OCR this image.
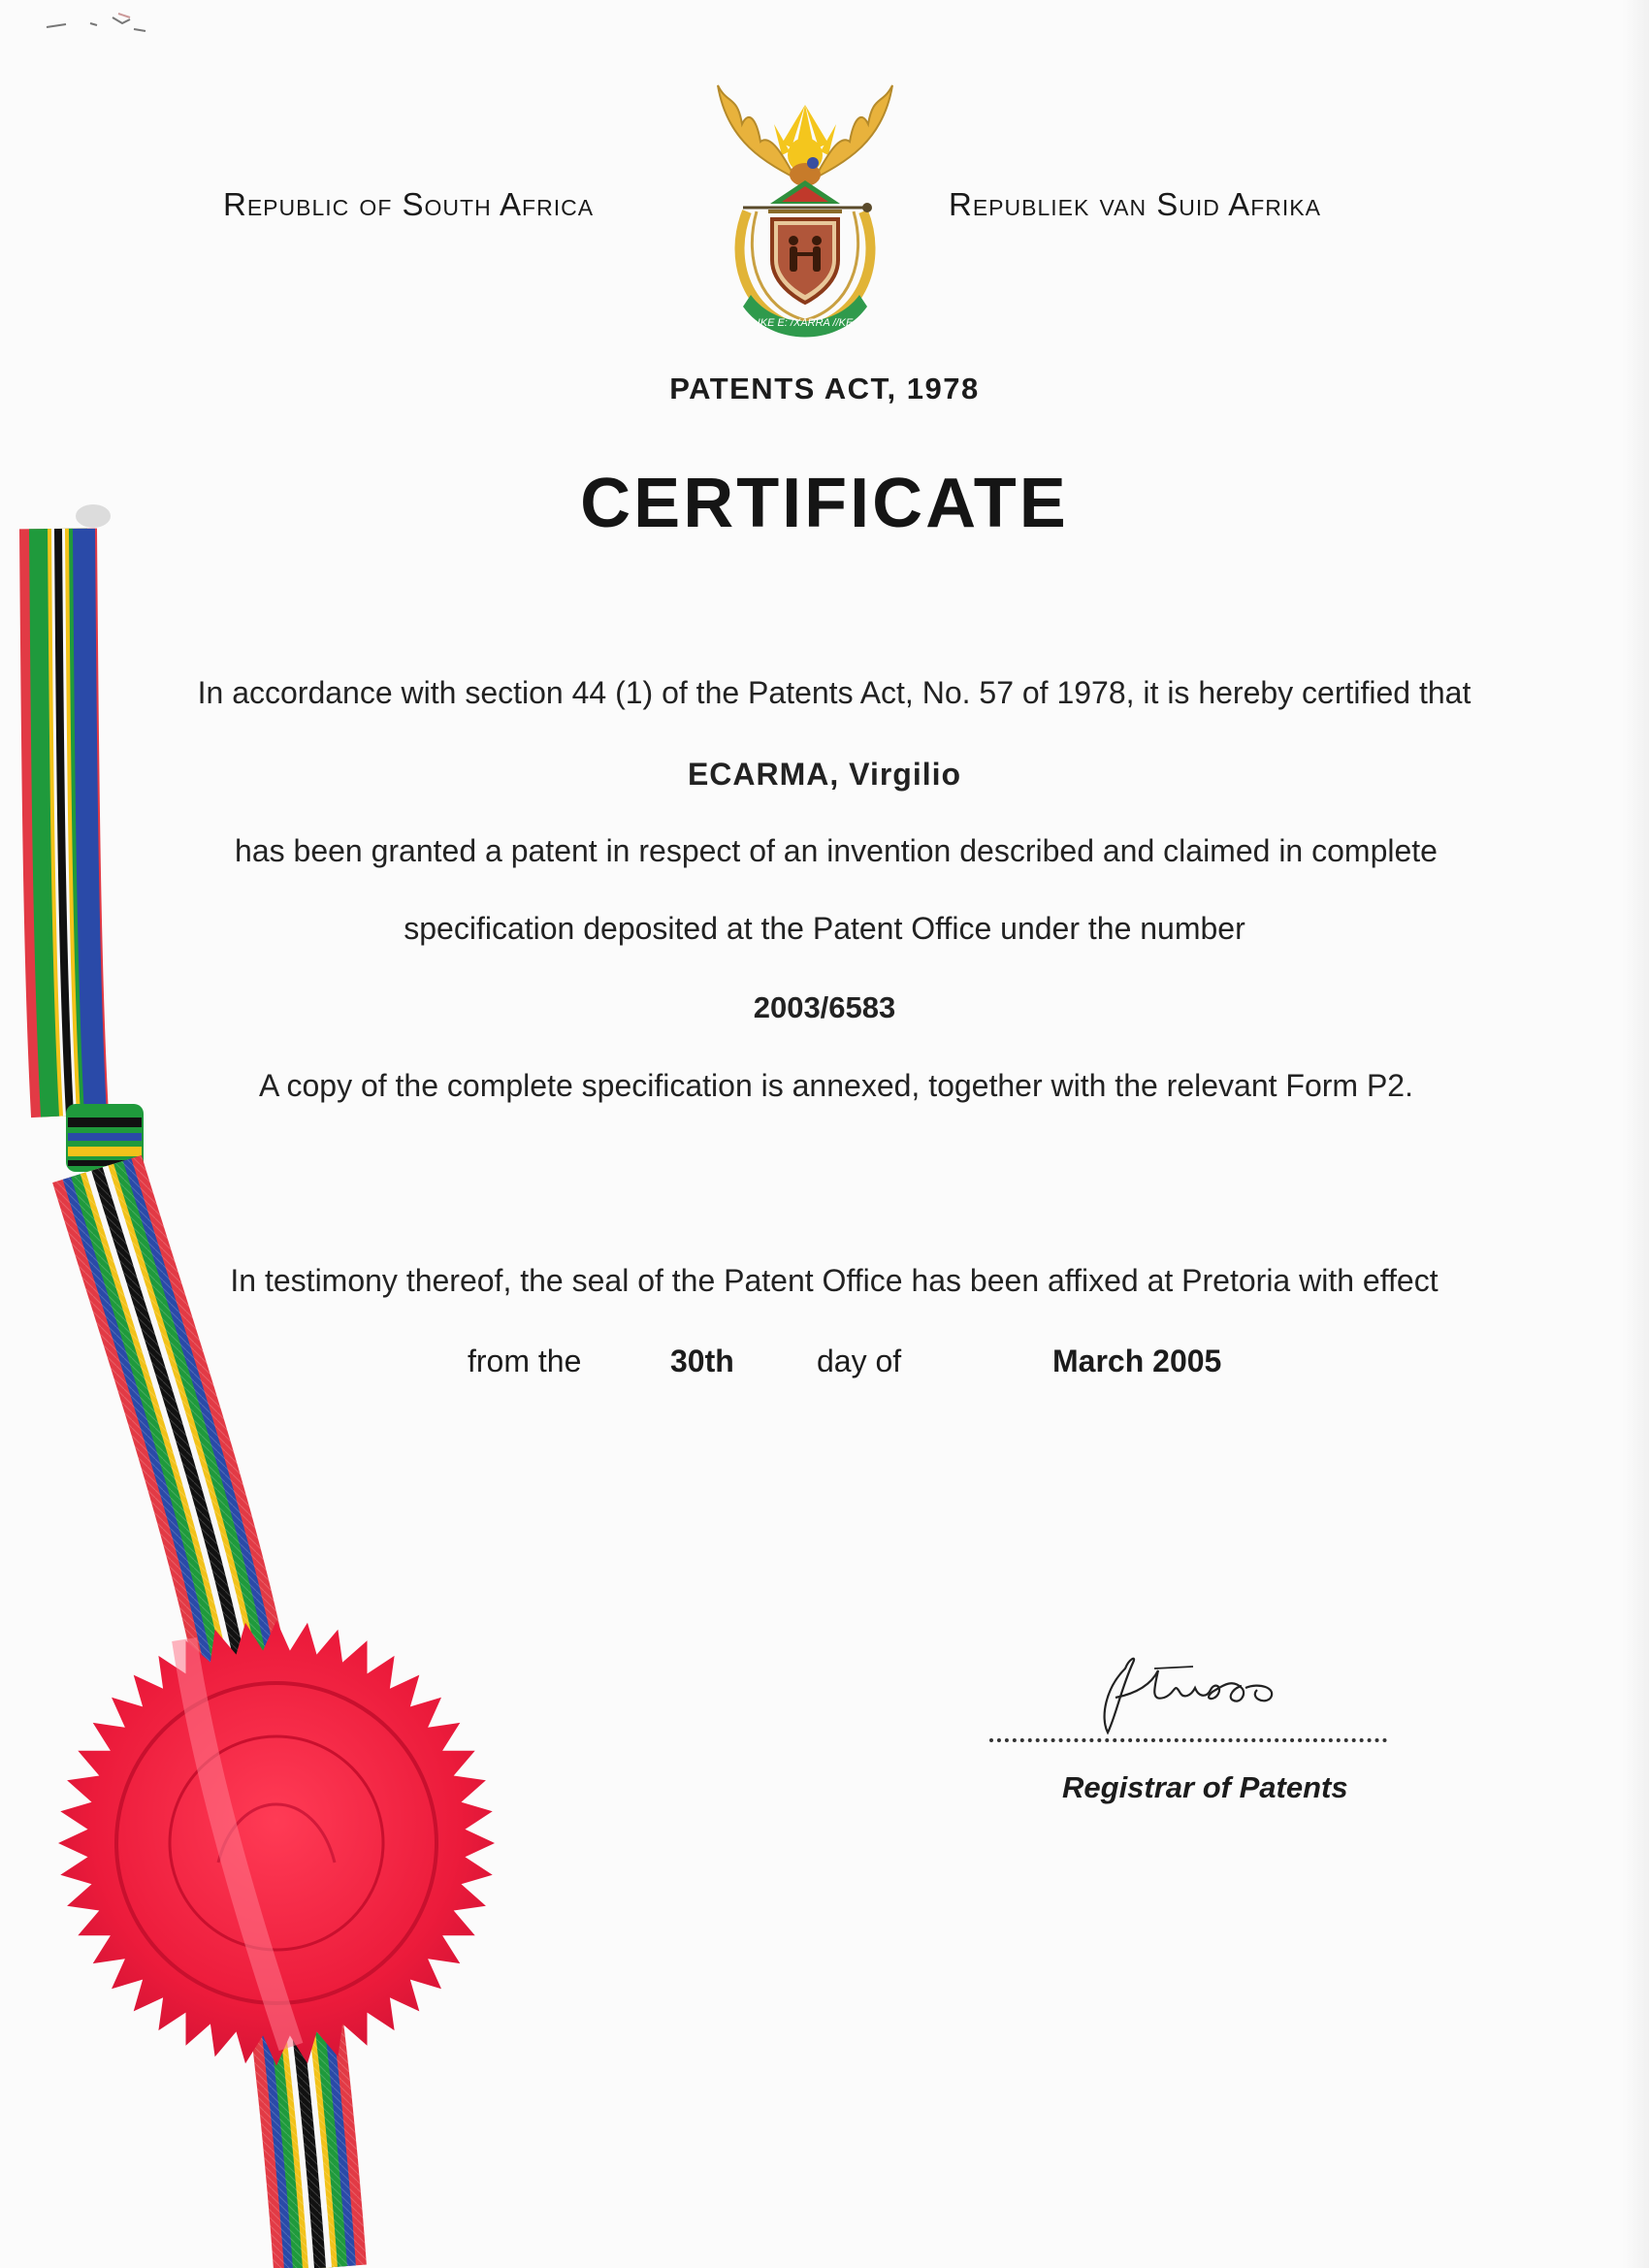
Republic of South Africa	Republiek van Suid Afrika
!KE E: /XARRA //KE
PATENTS ACT, 1978
CERTIFICATE
In accordance with section 44 (1) of the Patents Act, No. 57 of 1978, it is hereby certified that
ECARMA, Virgilio
has been granted a patent in respect of an invention described and claimed in complete
specification deposited at the Patent Office under the number
2003/6583
A copy of the complete specification is annexed, together with the relevant Form P2.
In testimony thereof, the seal of the Patent Office has been affixed at Pretoria with effect
from the	30th	day of	March 2005
Registrar of Patents
